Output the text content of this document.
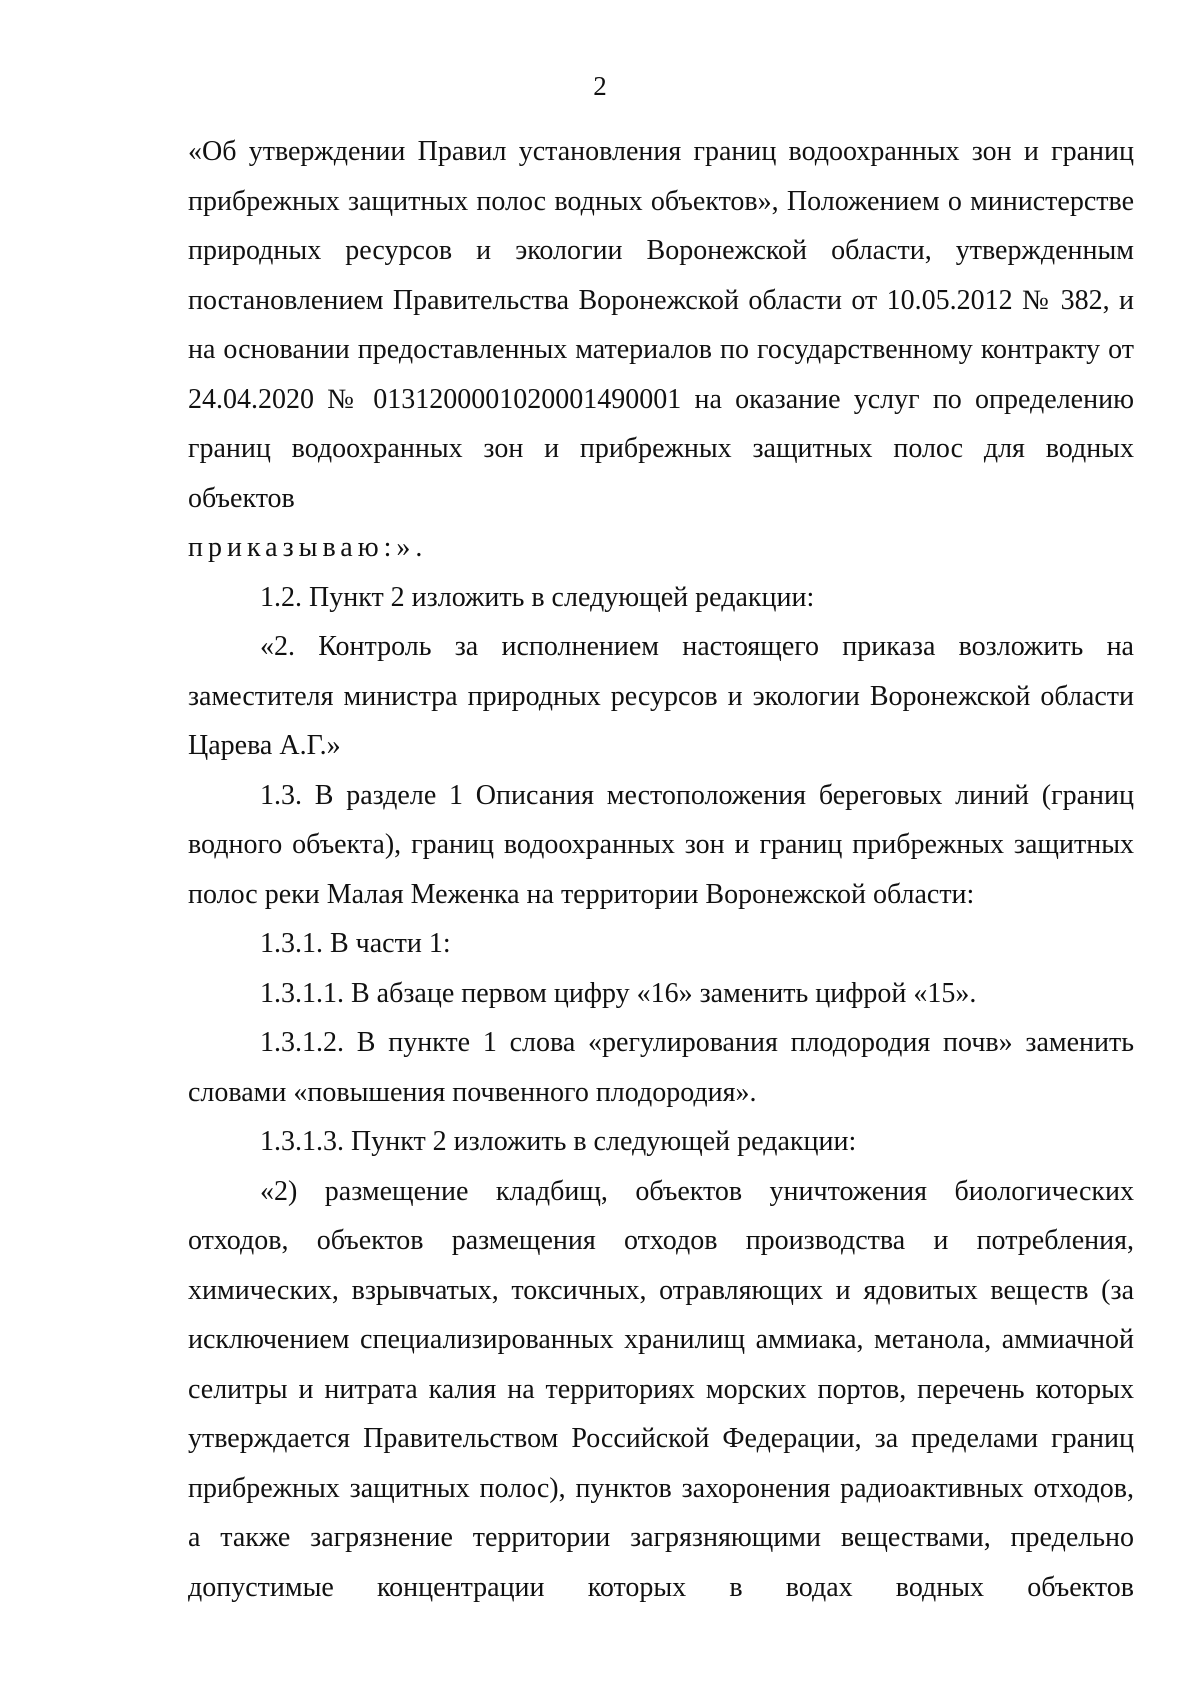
2

«Об утверждении Правил установления границ водоохранных зон и границ прибрежных защитных полос водных объектов», Положением о министерстве природных ресурсов и экологии Воронежской области, утвержденным постановлением Правительства Воронежской области от 10.05.2012 № 382, и на основании предоставленных материалов по государственному контракту от 24.04.2020 № 0131200001020001490001 на оказание услуг по определению границ водоохранных зон и прибрежных защитных полос для водных объектов

приказываю:».

1.2. Пункт 2 изложить в следующей редакции:

«2. Контроль за исполнением настоящего приказа возложить на заместителя министра природных ресурсов и экологии Воронежской области Царева А.Г.»

1.3. В разделе 1 Описания местоположения береговых линий (границ водного объекта), границ водоохранных зон и границ прибрежных защитных полос реки Малая Меженка на территории Воронежской области:

1.3.1. В части 1:

1.3.1.1. В абзаце первом цифру «16» заменить цифрой «15».

1.3.1.2. В пункте 1 слова «регулирования плодородия почв» заменить словами «повышения почвенного плодородия».

1.3.1.3. Пункт 2 изложить в следующей редакции:

«2) размещение кладбищ, объектов уничтожения биологических отходов, объектов размещения отходов производства и потребления, химических, взрывчатых, токсичных, отравляющих и ядовитых веществ (за исключением специализированных хранилищ аммиака, метанола, аммиачной селитры и нитрата калия на территориях морских портов, перечень которых утверждается Правительством Российской Федерации, за пределами границ прибрежных защитных полос), пунктов захоронения радиоактивных отходов, а также загрязнение территории загрязняющими веществами, предельно допустимые концентрации которых в водах водных объектов
